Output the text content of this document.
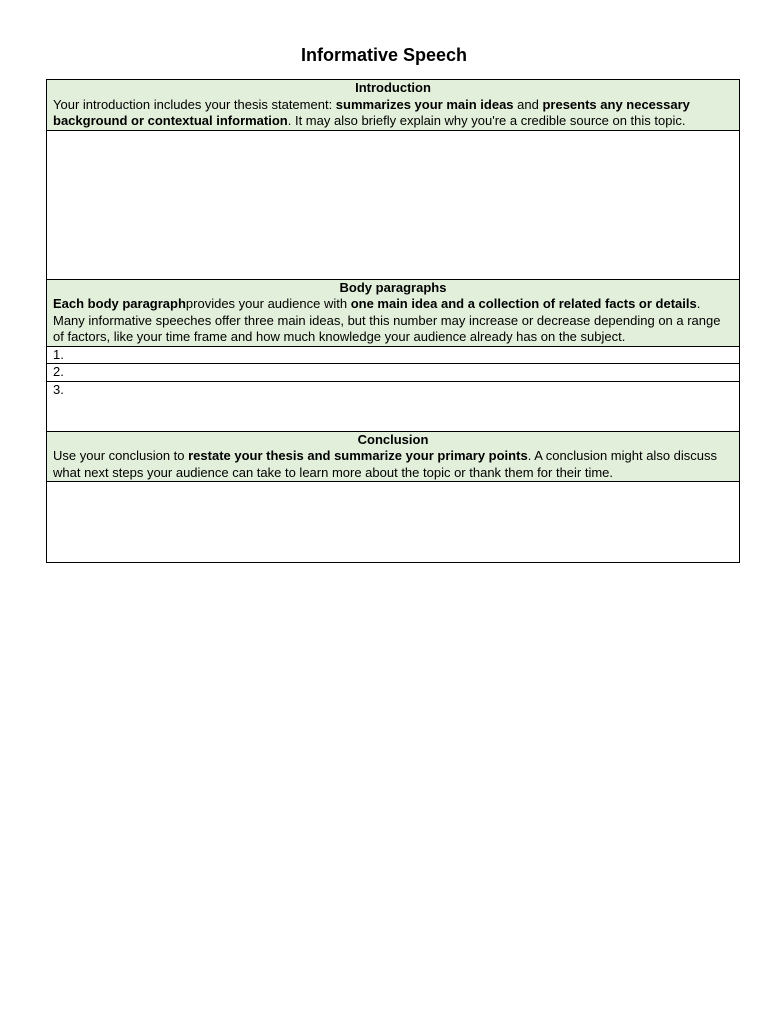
Informative Speech
Introduction
Your introduction includes your thesis statement: summarizes your main ideas and presents any necessary background or contextual information. It may also briefly explain why you're a credible source on this topic.

Body paragraphs
Each body paragraphprovides your audience with one main idea and a collection of related facts or details. Many informative speeches offer three main ideas, but this number may increase or decrease depending on a range of factors, like your time frame and how much knowledge your audience already has on the subject.
1.
2.
3.

Conclusion
Use your conclusion to restate your thesis and summarize your primary points. A conclusion might also discuss what next steps your audience can take to learn more about the topic or thank them for their time.
